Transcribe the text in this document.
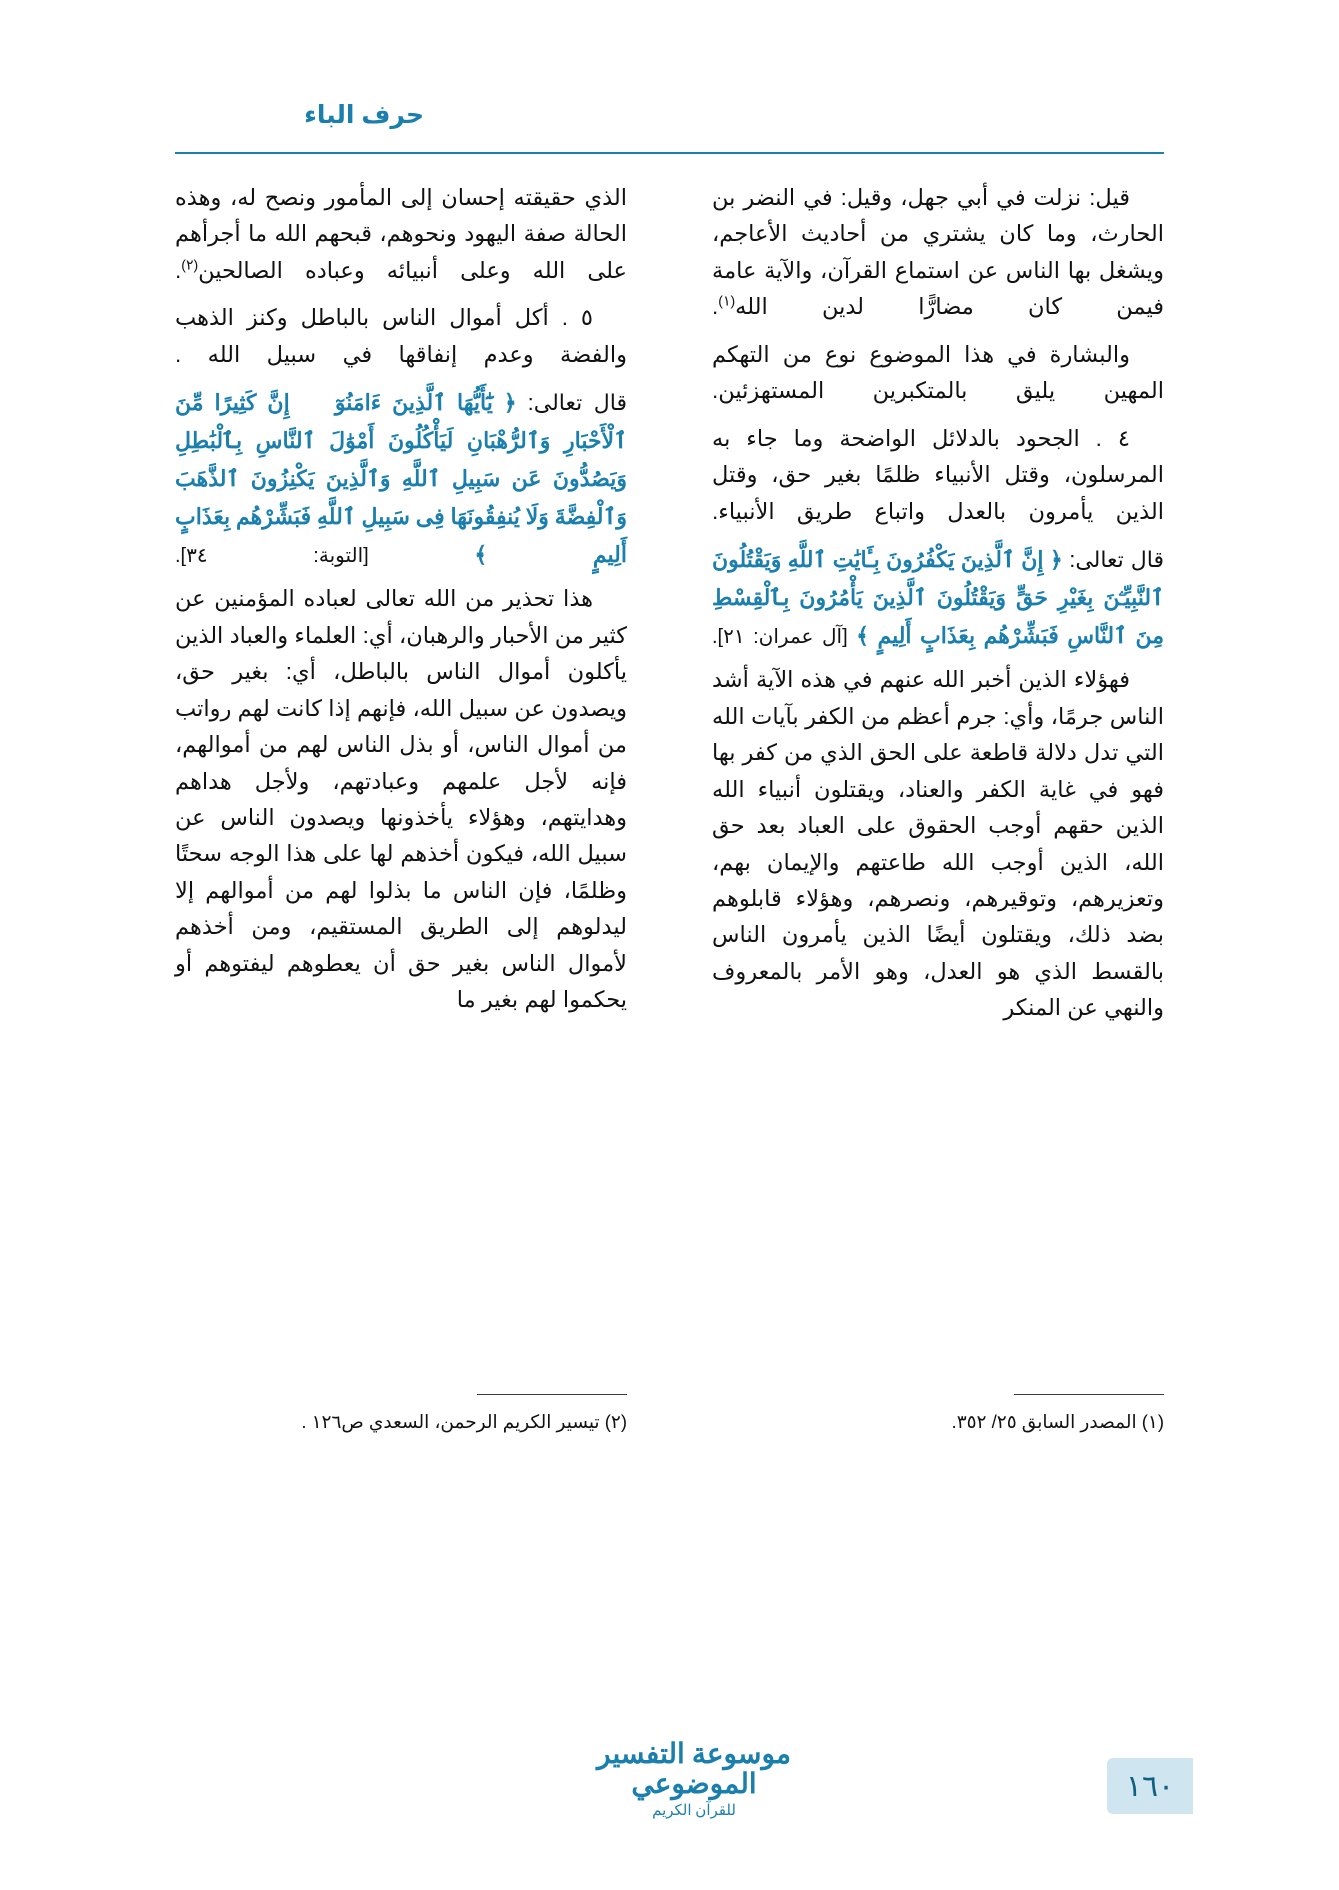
حرف الباء

قيل: نزلت في أبي جهل، وقيل: في النضر بن الحارث، وما كان يشتري من أحاديث الأعاجم، ويشغل بها الناس عن استماع القرآن، والآية عامة فيمن كان مضارًّا لدين الله$^{(١)}$.

والبشارة في هذا الموضوع نوع من التهكم المهين يليق بالمتكبرين المستهزئين.

٤ . الجحود بالدلائل الواضحة وما جاء به المرسلون، وقتل الأنبياء ظلمًا بغير حق، وقتل الذين يأمرون بالعدل واتباع طريق الأنبياء.

قال تعالى: ﴿ إِنَّ ٱلَّذِينَ يَكْفُرُونَ بِـَٔايَٰتِ ٱللَّهِ وَيَقْتُلُونَ ٱلنَّبِيِّـۧنَ بِغَيْرِ حَقٍّ وَيَقْتُلُونَ ٱلَّذِينَ يَأْمُرُونَ بِٱلْقِسْطِ مِنَ ٱلنَّاسِ فَبَشِّرْهُم بِعَذَابٍ أَلِيمٍ ﴾ [آل عمران: ٢١].

فهؤلاء الذين أخبر الله عنهم في هذه الآية أشد الناس جرمًا، وأي: جرم أعظم من الكفر بآيات الله التي تدل دلالة قاطعة على الحق الذي من كفر بها فهو في غاية الكفر والعناد، ويقتلون أنبياء الله الذين حقهم أوجب الحقوق على العباد بعد حق الله، الذين أوجب الله طاعتهم والإيمان بهم، وتعزيرهم، وتوقيرهم، ونصرهم، وهؤلاء قابلوهم بضد ذلك، ويقتلون أيضًا الذين يأمرون الناس بالقسط الذي هو العدل، وهو الأمر بالمعروف والنهي عن المنكر

الذي حقيقته إحسان إلى المأمور ونصح له، وهذه الحالة صفة اليهود ونحوهم، قبحهم الله ما أجرأهم على الله وعلى أنبيائه وعباده الصالحين$^{(٢)}$.

٥ . أكل أموال الناس بالباطل وكنز الذهب والفضة وعدم إنفاقها في سبيل الله .

قال تعالى: ﴿ يَٰٓأَيُّهَا ٱلَّذِينَ ءَامَنُوٓا۟ إِنَّ كَثِيرًا مِّنَ ٱلْأَحْبَارِ وَٱلرُّهْبَانِ لَيَأْكُلُونَ أَمْوَٰلَ ٱلنَّاسِ بِٱلْبَٰطِلِ وَيَصُدُّونَ عَن سَبِيلِ ٱللَّهِ وَٱلَّذِينَ يَكْنِزُونَ ٱلذَّهَبَ وَٱلْفِضَّةَ وَلَا يُنفِقُونَهَا فِى سَبِيلِ ٱللَّهِ فَبَشِّرْهُم بِعَذَابٍ أَلِيمٍ ﴾ [التوبة: ٣٤].

هذا تحذير من الله تعالى لعباده المؤمنين عن كثير من الأحبار والرهبان، أي: العلماء والعباد الذين يأكلون أموال الناس بالباطل، أي: بغير حق، ويصدون عن سبيل الله، فإنهم إذا كانت لهم رواتب من أموال الناس، أو بذل الناس لهم من أموالهم، فإنه لأجل علمهم وعبادتهم، ولأجل هداهم وهدايتهم، وهؤلاء يأخذونها ويصدون الناس عن سبيل الله، فيكون أخذهم لها على هذا الوجه سحتًا وظلمًا، فإن الناس ما بذلوا لهم من أموالهم إلا ليدلوهم إلى الطريق المستقيم، ومن أخذهم لأموال الناس بغير حق أن يعطوهم ليفتوهم أو يحكموا لهم بغير ما

(١) المصدر السابق ٢٥/ ٣٥٢.
(٢) تيسير الكريم الرحمن، السعدي ص١٢٦ .
موسوعة التفسير الموضوعي
للقرآن الكريم
١٦٠
